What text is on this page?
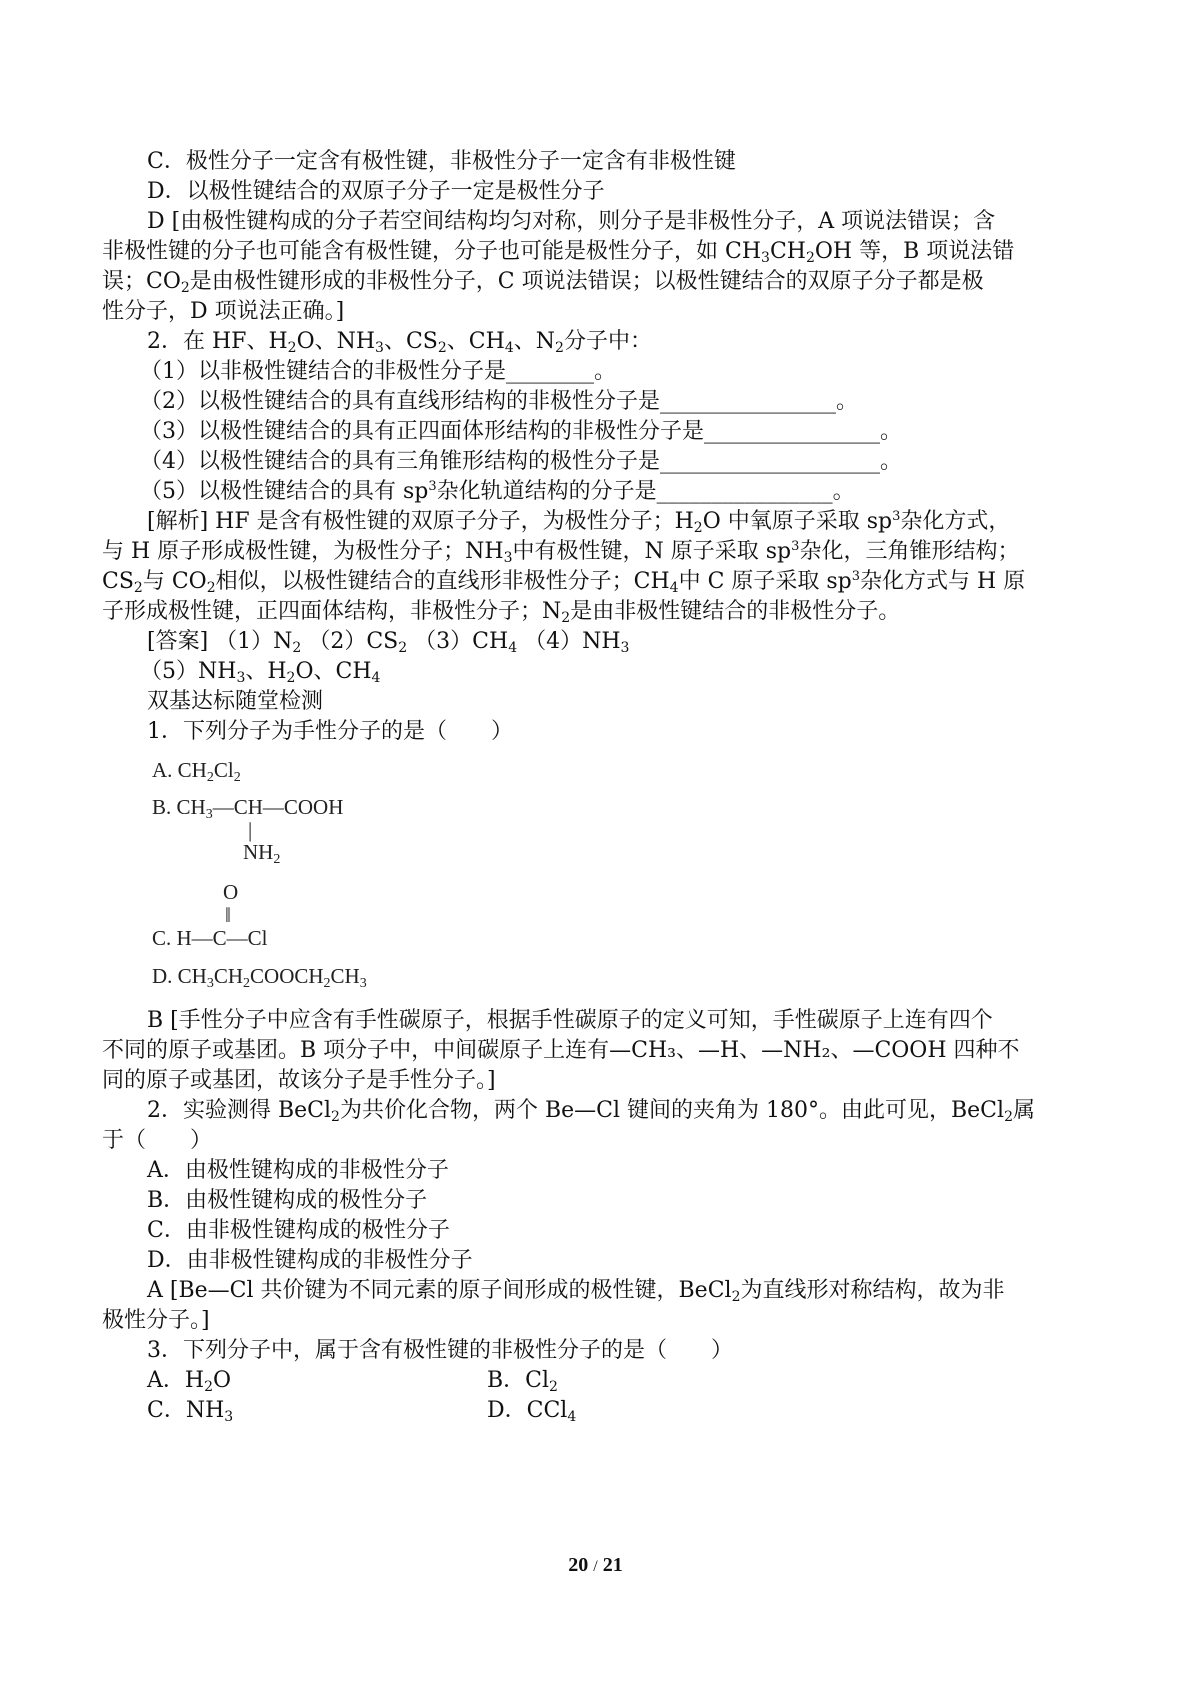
C．极性分子一定含有极性键，非极性分子一定含有非极性键
D．以极性键结合的双原子分子一定是极性分子
D [由极性键构成的分子若空间结构均匀对称，则分子是非极性分子，A 项说法错误；含
非极性键的分子也可能含有极性键，分子也可能是极性分子，如 $CH_3CH_2OH$ 等，B 项说法错
误；$CO_2$是由极性键形成的非极性分子，C 项说法错误；以极性键结合的双原子分子都是极
性分子，D 项说法正确。]
2．在 HF、$H_2O$、$NH_3$、$CS_2$、$CH_4$、$N_2$分子中：
（1）以非极性键结合的非极性分子是________。
（2）以极性键结合的具有直线形结构的非极性分子是________________。
（3）以极性键结合的具有正四面体形结构的非极性分子是________________。
（4）以极性键结合的具有三角锥形结构的极性分子是____________________。
（5）以极性键结合的具有 $sp^3$杂化轨道结构的分子是________________。
[解析] HF 是含有极性键的双原子分子，为极性分子；$H_2O$ 中氧原子采取 $sp^3$杂化方式，
与 H 原子形成极性键，为极性分子；$NH_3$中有极性键，N 原子采取 $sp^3$杂化，三角锥形结构；
$CS_2$与 $CO_2$相似，以极性键结合的直线形非极性分子；$CH_4$中 C 原子采取 $sp^3$杂化方式与 H 原
子形成极性键，正四面体结构，非极性分子；$N_2$是由非极性键结合的非极性分子。
[答案] $(1)N_2$ $(2)CS_2$ $(3)CH_4$ $(4)NH_3$
$(5)NH_3$、$H_2O$、$CH_4$
双基达标随堂检测
1．下列分子为手性分子的是（　　）
A. $CH_2Cl_2$
B. $CH_3—CH—COOH$
|
$NH_2$
O
‖
C. H—C—Cl
D. $CH_3CH_2COOCH_2CH_3$
B [手性分子中应含有手性碳原子，根据手性碳原子的定义可知，手性碳原子上连有四个
不同的原子或基团。B 项分子中，中间碳原子上连有—CH₃、—H、—NH₂、—COOH 四种不
同的原子或基团，故该分子是手性分子。]
2．实验测得 BeCl$_2$为共价化合物，两个 Be—Cl 键间的夹角为 180°。由此可见，BeCl$_2$属
于（　　）
A．由极性键构成的非极性分子
B．由极性键构成的极性分子
C．由非极性键构成的极性分子
D．由非极性键构成的非极性分子
A [Be—Cl 共价键为不同元素的原子间形成的极性键，BeCl$_2$为直线形对称结构，故为非
极性分子。]
3．下列分子中，属于含有极性键的非极性分子的是（　　）
A．$H_2O$	B．$Cl_2$
C．$NH_3$	D．CCl$_4$
20 / 21
